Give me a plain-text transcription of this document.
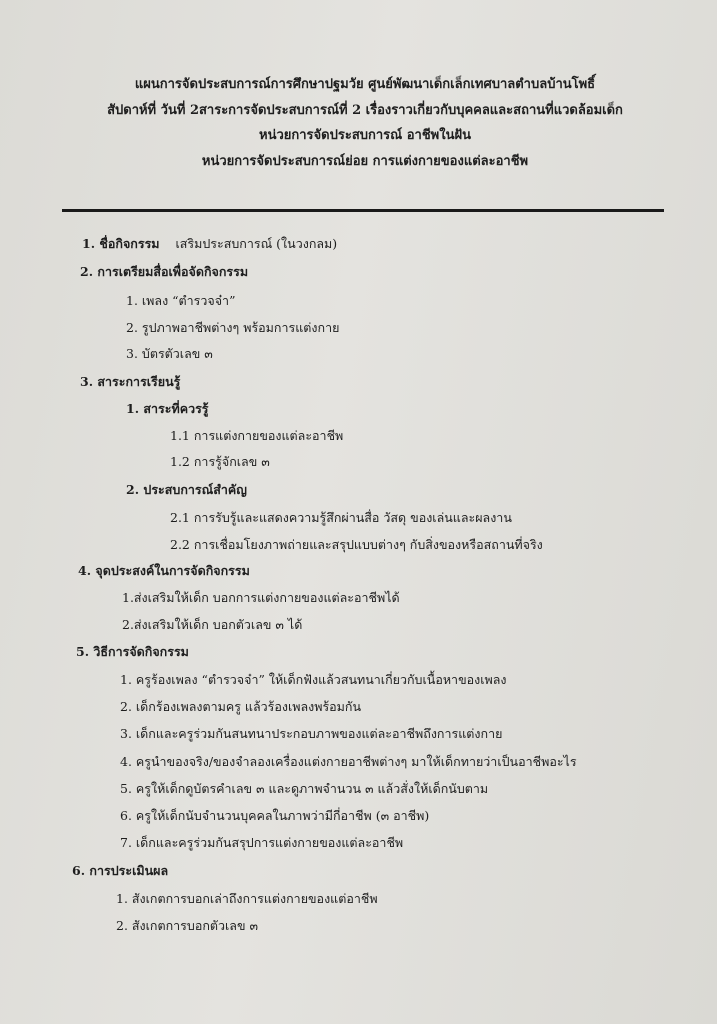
แผนการจัดประสบการณ์การศึกษาปฐมวัย ศูนย์พัฒนาเด็กเล็กเทศบาลตำบลบ้านโพธิ์
สัปดาห์ที่ วันที่ 2สาระการจัดประสบการณ์ที่ 2 เรื่องราวเกี่ยวกับบุคคลและสถานที่แวดล้อมเด็ก
หน่วยการจัดประสบการณ์ อาชีพในฝัน
หน่วยการจัดประสบการณ์ย่อย การแต่งกายของแต่ละอาชีพ
1. ชื่อกิจกรรม เสริมประสบการณ์ (ในวงกลม)
2. การเตรียมสื่อเพื่อจัดกิจกรรม
1. เพลง “ตำรวจจ๋า”
2. รูปภาพอาชีพต่างๆ พร้อมการแต่งกาย
3. บัตรตัวเลข ๓
3. สาระการเรียนรู้
1. สาระที่ควรรู้
1.1 การแต่งกายของแต่ละอาชีพ
1.2 การรู้จักเลข ๓
2. ประสบการณ์สำคัญ
2.1 การรับรู้และแสดงความรู้สึกผ่านสื่อ วัสดุ ของเล่นและผลงาน
2.2 การเชื่อมโยงภาพถ่ายและสรุปแบบต่างๆ กับสิ่งของหรือสถานที่จริง
4. จุดประสงค์ในการจัดกิจกรรม
1.ส่งเสริมให้เด็ก บอกการแต่งกายของแต่ละอาชีพได้
2.ส่งเสริมให้เด็ก บอกตัวเลข ๓ ได้
5. วิธีการจัดกิจกรรม
1. ครูร้องเพลง “ตำรวจจ๋า” ให้เด็กฟังแล้วสนทนาเกี่ยวกับเนื้อหาของเพลง
2. เด็กร้องเพลงตามครู แล้วร้องเพลงพร้อมกัน
3. เด็กและครูร่วมกันสนทนาประกอบภาพของแต่ละอาชีพถึงการแต่งกาย
4. ครูนำของจริง/ของจำลองเครื่องแต่งกายอาชีพต่างๆ มาให้เด็กทายว่าเป็นอาชีพอะไร
5. ครูให้เด็กดูบัตรคำเลข ๓ และดูภาพจำนวน ๓ แล้วสั่งให้เด็กนับตาม
6. ครูให้เด็กนับจำนวนบุคคลในภาพว่ามีกี่อาชีพ (๓ อาชีพ)
7. เด็กและครูร่วมกันสรุปการแต่งกายของแต่ละอาชีพ
6. การประเมินผล
1. สังเกตการบอกเล่าถึงการแต่งกายของแต่อาชีพ
2. สังเกตการบอกตัวเลข ๓
